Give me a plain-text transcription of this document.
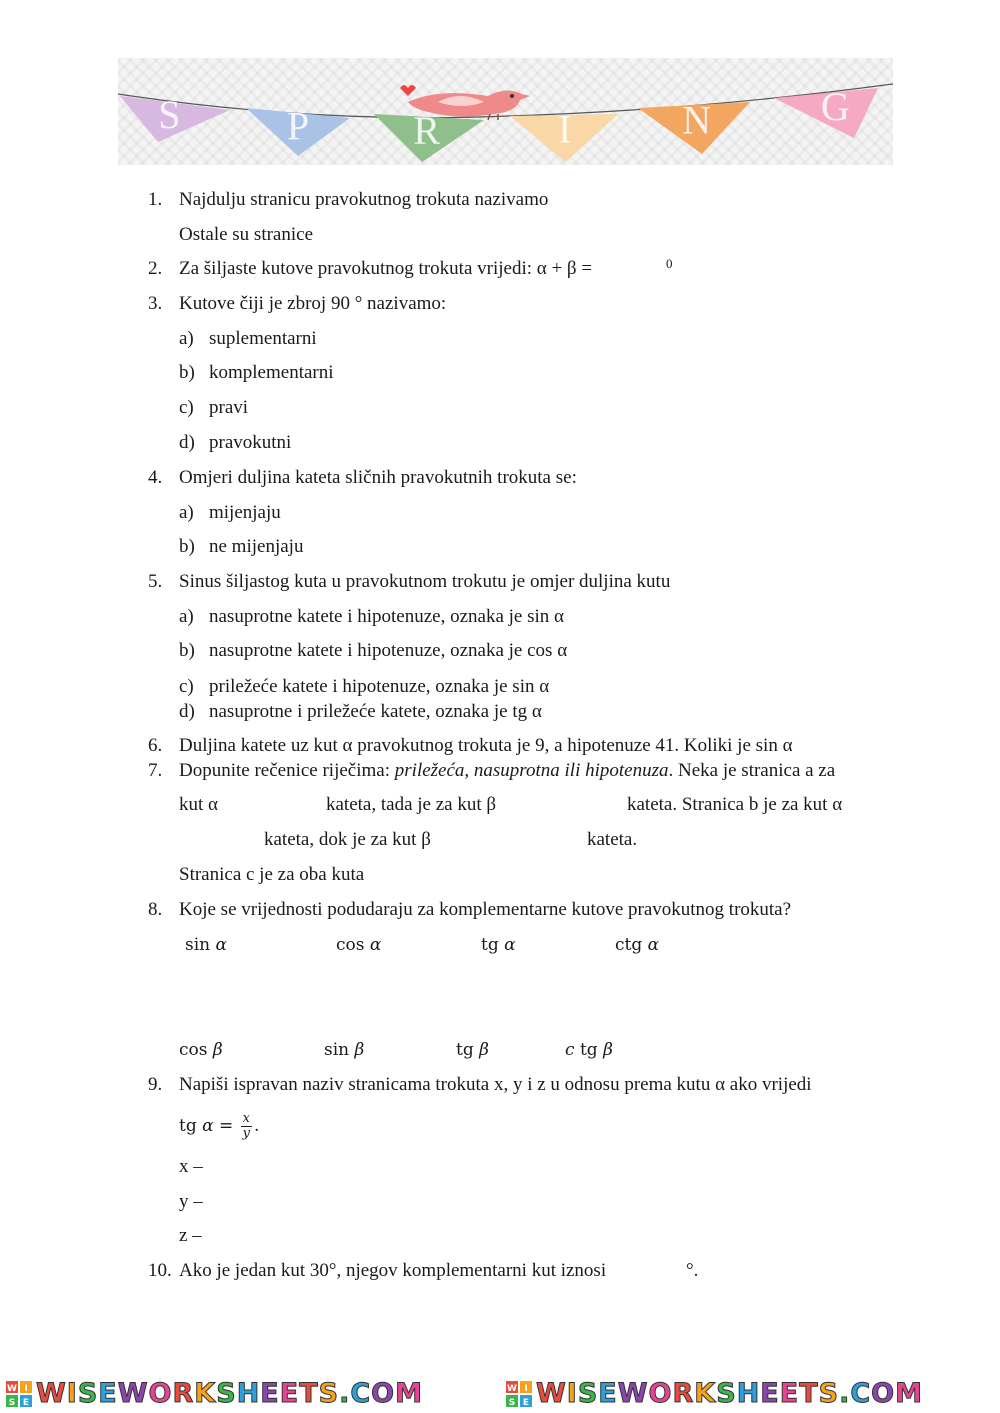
S	P	R	I	N	G
1. Najdulju stranicu pravokutnog trokuta nazivamo
Ostale su stranice
2. Za šiljaste kutove pravokutnog trokuta vrijedi: α + β =	0
3. Kutove čiji je zbroj 90 ° nazivamo:
a) suplementarni
b) komplementarni
c) pravi
d) pravokutni
4. Omjeri duljina kateta sličnih pravokutnih trokuta se:
a) mijenjaju
b) ne mijenjaju
5. Sinus šiljastog kuta u pravokutnom trokutu je omjer duljina kutu
a) nasuprotne katete i hipotenuze, oznaka je sin α
b) nasuprotne katete i hipotenuze, oznaka je cos α
c) priležeće katete i hipotenuze, oznaka je sin α
d) nasuprotne i priležeće katete, oznaka je tg α
6. Duljina katete uz kut α pravokutnog trokuta je 9, a hipotenuze 41. Koliki je sin α
7. Dopunite rečenice riječima: priležeća, nasuprotna ili hipotenuza. Neka je stranica a za
kut α	kateta, tada je za kut β	kateta. Stranica b je za kut α
kateta, dok je za kut β	kateta.
Stranica c je za oba kuta
8. Koje se vrijednosti podudaraju za komplementarne kutove pravokutnog trokuta?
sin α	cos α	tg α	ctg α
cos β	sin β	tg β	c tg β
9. Napiši ispravan naziv stranicama trokuta x, y i z u odnosu prema kutu α ako vrijedi
tg $\alpha = \frac{x}{y}$ .
x –
y –
z –
10. Ako je jedan kut 30°, njegov komplementarni kut iznosi	°.
W I
S E WISEWORKSHEETS.COM	W I
S E WISEWORKSHEETS.COM
